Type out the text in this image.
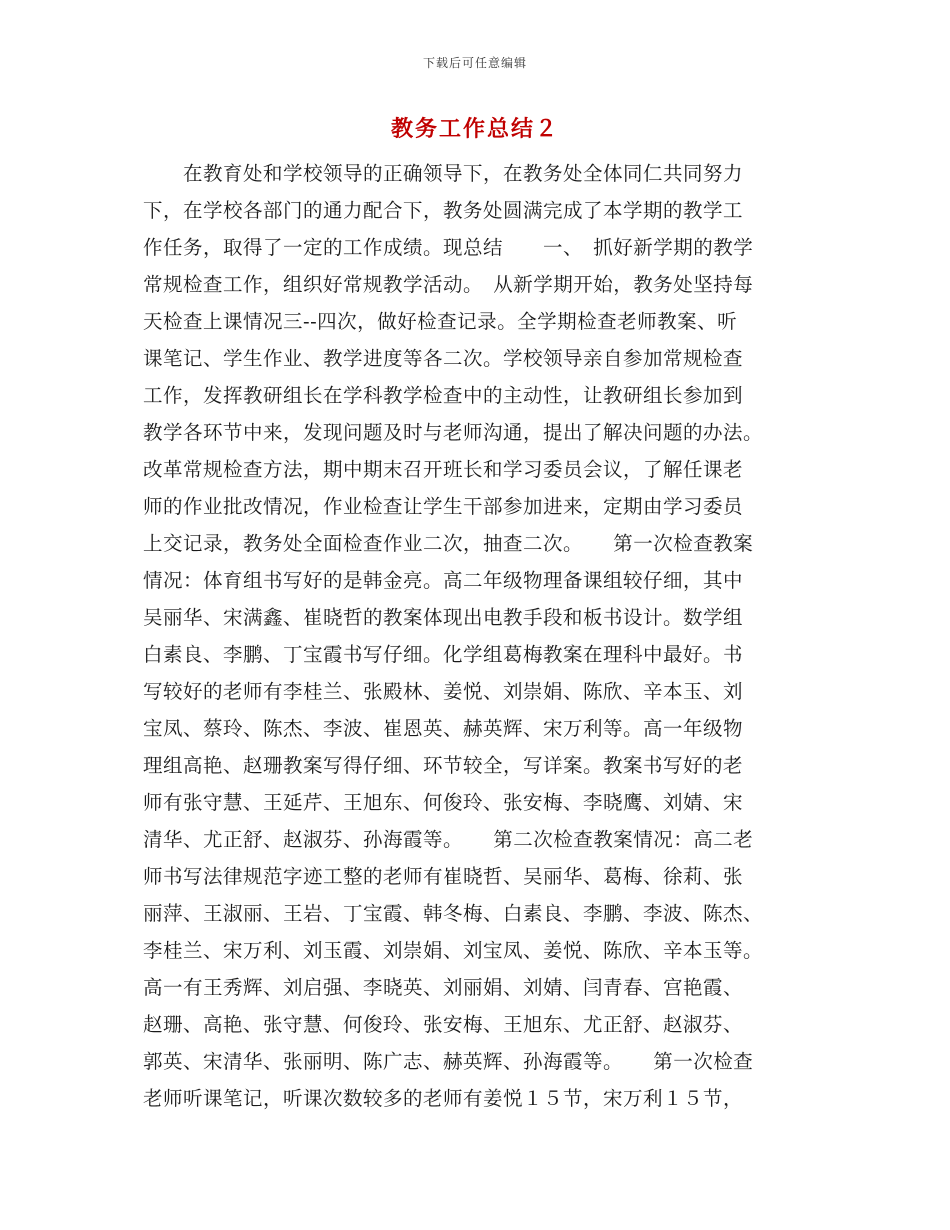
下载后可任意编辑
教务工作总结２
　　在教育处和学校领导的正确领导下，在教务处全体同仁共同努力
下，在学校各部门的通力配合下，教务处圆满完成了本学期的教学工
作任务，取得了一定的工作成绩。现总结　　一、　抓好新学期的教学
常规检查工作，组织好常规教学活动。　从新学期开始，教务处坚持每
天检查上课情况三--四次，做好检查记录。全学期检查老师教案、听
课笔记、学生作业、教学进度等各二次。学校领导亲自参加常规检查
工作，发挥教研组长在学科教学检查中的主动性，让教研组长参加到
教学各环节中来，发现问题及时与老师沟通，提出了解决问题的办法。
改革常规检查方法，期中期末召开班长和学习委员会议，了解任课老
师的作业批改情况，作业检查让学生干部参加进来，定期由学习委员
上交记录，教务处全面检查作业二次，抽查二次。　　第一次检查教案
情况：体育组书写好的是韩金亮。高二年级物理备课组较仔细，其中
吴丽华、宋满鑫、崔晓哲的教案体现出电教手段和板书设计。数学组
白素良、李鹏、丁宝霞书写仔细。化学组葛梅教案在理科中最好。书
写较好的老师有李桂兰、张殿林、姜悦、刘崇娟、陈欣、辛本玉、刘
宝凤、蔡玲、陈杰、李波、崔恩英、赫英辉、宋万利等。高一年级物
理组高艳、赵珊教案写得仔细、环节较全，写详案。教案书写好的老
师有张守慧、王延芹、王旭东、何俊玲、张安梅、李晓鹰、刘婧、宋
清华、尤正舒、赵淑芬、孙海霞等。　　第二次检查教案情况：高二老
师书写法律规范字迹工整的老师有崔晓哲、吴丽华、葛梅、徐莉、张
丽萍、王淑丽、王岩、丁宝霞、韩冬梅、白素良、李鹏、李波、陈杰、
李桂兰、宋万利、刘玉霞、刘崇娟、刘宝凤、姜悦、陈欣、辛本玉等。
高一有王秀辉、刘启强、李晓英、刘丽娟、刘婧、闫青春、宫艳霞、
赵珊、高艳、张守慧、何俊玲、张安梅、王旭东、尤正舒、赵淑芬、
郭英、宋清华、张丽明、陈广志、赫英辉、孙海霞等。　　第一次检查
老师听课笔记，听课次数较多的老师有姜悦１５节，宋万利１５节，
